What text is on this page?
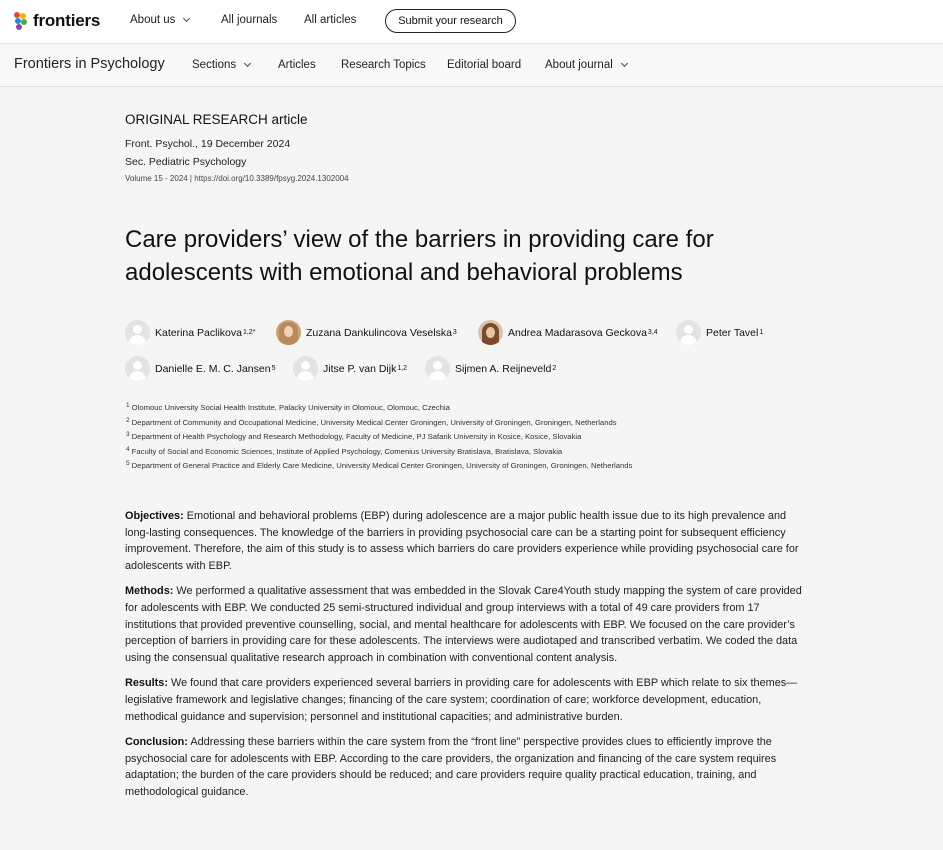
frontiers	About us	All journals All articles	Submit your research
Frontiers in Psychology Sections	Articles Research Topics Editorial board About journal
ORIGINAL RESEARCH article
Front. Psychol., 19 December 2024
Sec. Pediatric Psychology
Volume 15 - 2024 | https://doi.org/10.3389/fpsyg.2024.1302004
Care providers’ view of the barriers in providing care for adolescents with emotional and behavioral problems
Katerina Paclikova 1,2*	Zuzana Dankulincova Veselska 3	Andrea Madarasova Geckova 3,4	Peter Tavel 1
Danielle E. M. C. Jansen 5	Jitse P. van Dijk 1,2	Sijmen A. Reijneveld 2
$^1$ Olomouc University Social Health Institute, Palacky University in Olomouc, Olomouc, Czechia
$^2$ Department of Community and Occupational Medicine, University Medical Center Groningen, University of Groningen, Groningen, Netherlands
$^3$ Department of Health Psychology and Research Methodology, Faculty of Medicine, PJ Safarik University in Kosice, Kosice, Slovakia
$^4$ Faculty of Social and Economic Sciences, Institute of Applied Psychology, Comenius University Bratislava, Bratislava, Slovakia
$^5$ Department of General Practice and Elderly Care Medicine, University Medical Center Groningen, University of Groningen, Groningen, Netherlands

Objectives: Emotional and behavioral problems (EBP) during adolescence are a major public health issue due to its high prevalence and long-lasting consequences. The knowledge of the barriers in providing psychosocial care can be a starting point for subsequent efficiency improvement. Therefore, the aim of this study is to assess which barriers do care providers experience while providing psychosocial care for adolescents with EBP.

Methods: We performed a qualitative assessment that was embedded in the Slovak Care4Youth study mapping the system of care provided for adolescents with EBP. We conducted 25 semi-structured individual and group interviews with a total of 49 care providers from 17 institutions that provided preventive counselling, social, and mental healthcare for adolescents with EBP. We focused on the care provider’s perception of barriers in providing care for these adolescents. The interviews were audiotaped and transcribed verbatim. We coded the data using the consensual qualitative research approach in combination with conventional content analysis.

Results: We found that care providers experienced several barriers in providing care for adolescents with EBP which relate to six themes—legislative framework and legislative changes; financing of the care system; coordination of care; workforce development, education, methodical guidance and supervision; personnel and institutional capacities; and administrative burden.

Conclusion: Addressing these barriers within the care system from the “front line” perspective provides clues to efficiently improve the psychosocial care for adolescents with EBP. According to the care providers, the organization and financing of the care system requires adaptation; the burden of the care providers should be reduced; and care providers require quality practical education, training, and methodological guidance.
